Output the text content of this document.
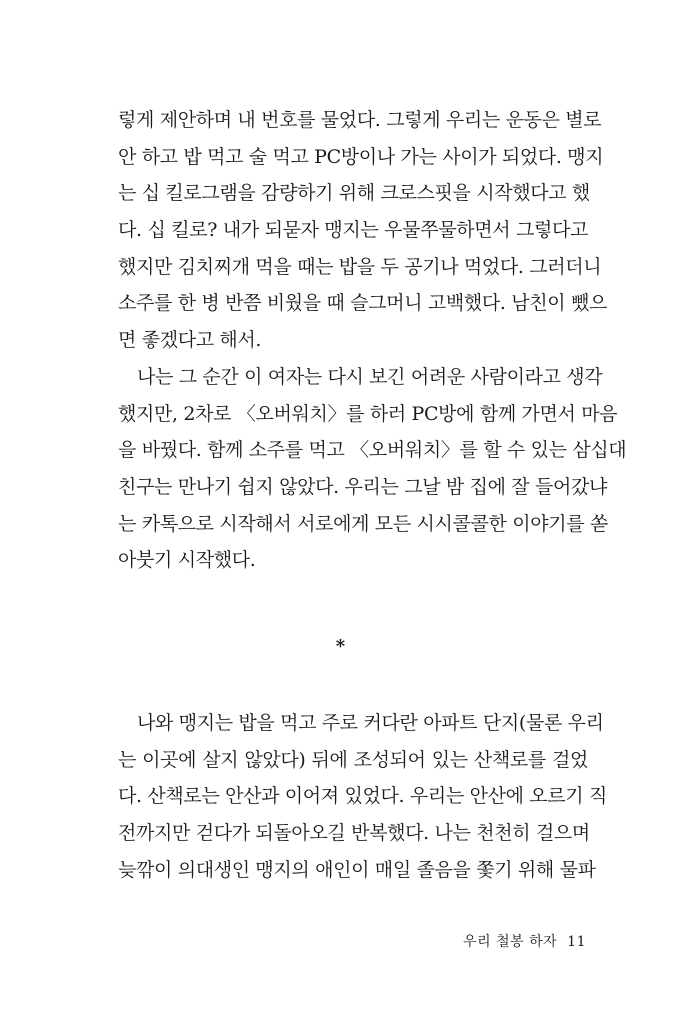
렇게 제안하며 내 번호를 물었다. 그렇게 우리는 운동은 별로
안 하고 밥 먹고 술 먹고 PC방이나 가는 사이가 되었다. 맹지
는 십 킬로그램을 감량하기 위해 크로스핏을 시작했다고 했
다. 십 킬로? 내가 되묻자 맹지는 우물쭈물하면서 그렇다고
했지만 김치찌개 먹을 때는 밥을 두 공기나 먹었다. 그러더니
소주를 한 병 반쯤 비웠을 때 슬그머니 고백했다. 남친이 뺐으
면 좋겠다고 해서.
나는 그 순간 이 여자는 다시 보긴 어려운 사람이라고 생각
했지만, 2차로 〈오버워치〉를 하러 PC방에 함께 가면서 마음
을 바꿨다. 함께 소주를 먹고 〈오버워치〉를 할 수 있는 삼십대
친구는 만나기 쉽지 않았다. 우리는 그날 밤 집에 잘 들어갔냐
는 카톡으로 시작해서 서로에게 모든 시시콜콜한 이야기를 쏟
아붓기 시작했다.
*
나와 맹지는 밥을 먹고 주로 커다란 아파트 단지(물론 우리
는 이곳에 살지 않았다) 뒤에 조성되어 있는 산책로를 걸었
다. 산책로는 안산과 이어져 있었다. 우리는 안산에 오르기 직
전까지만 걷다가 되돌아오길 반복했다. 나는 천천히 걸으며
늦깎이 의대생인 맹지의 애인이 매일 졸음을 쫓기 위해 물파
우리 철봉 하자 11
